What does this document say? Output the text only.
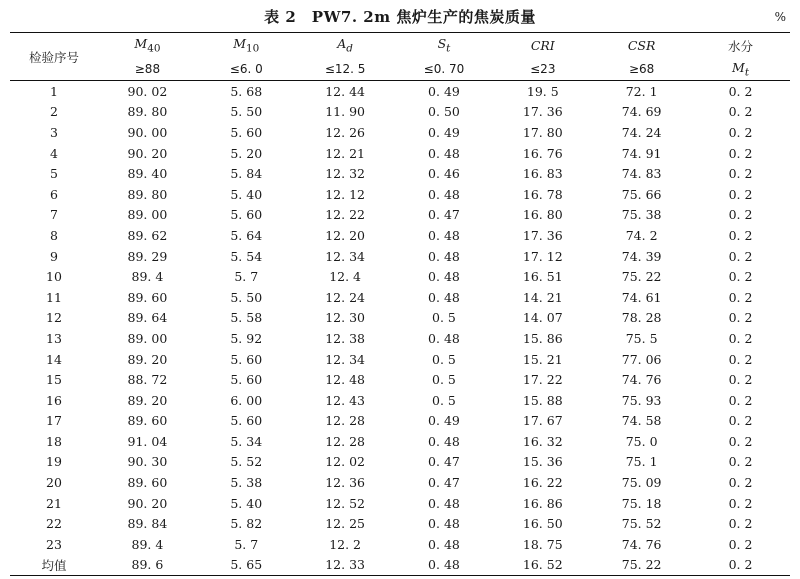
表 2　PW7. 2m 焦炉生产的焦炭质量	%
检验序号	$M_{40}$	$M_{10}$	$A_d$	$S_t$	CRI	CSR	水分
	≥88	≤6. 0	≤12. 5	≤0. 70	≤23	≥68	$M_t$
1	90. 02	5. 68	12. 44	0. 49	19. 5	72. 1	0. 2
2	89. 80	5. 50	11. 90	0. 50	17. 36	74. 69	0. 2
3	90. 00	5. 60	12. 26	0. 49	17. 80	74. 24	0. 2
4	90. 20	5. 20	12. 21	0. 48	16. 76	74. 91	0. 2
5	89. 40	5. 84	12. 32	0. 46	16. 83	74. 83	0. 2
6	89. 80	5. 40	12. 12	0. 48	16. 78	75. 66	0. 2
7	89. 00	5. 60	12. 22	0. 47	16. 80	75. 38	0. 2
8	89. 62	5. 64	12. 20	0. 48	17. 36	74. 2	0. 2
9	89. 29	5. 54	12. 34	0. 48	17. 12	74. 39	0. 2
10	89. 4	5. 7	12. 4	0. 48	16. 51	75. 22	0. 2
11	89. 60	5. 50	12. 24	0. 48	14. 21	74. 61	0. 2
12	89. 64	5. 58	12. 30	0. 5	14. 07	78. 28	0. 2
13	89. 00	5. 92	12. 38	0. 48	15. 86	75. 5	0. 2
14	89. 20	5. 60	12. 34	0. 5	15. 21	77. 06	0. 2
15	88. 72	5. 60	12. 48	0. 5	17. 22	74. 76	0. 2
16	89. 20	6. 00	12. 43	0. 5	15. 88	75. 93	0. 2
17	89. 60	5. 60	12. 28	0. 49	17. 67	74. 58	0. 2
18	91. 04	5. 34	12. 28	0. 48	16. 32	75. 0	0. 2
19	90. 30	5. 52	12. 02	0. 47	15. 36	75. 1	0. 2
20	89. 60	5. 38	12. 36	0. 47	16. 22	75. 09	0. 2
21	90. 20	5. 40	12. 52	0. 48	16. 86	75. 18	0. 2
22	89. 84	5. 82	12. 25	0. 48	16. 50	75. 52	0. 2
23	89. 4	5. 7	12. 2	0. 48	18. 75	74. 76	0. 2
均值	89. 6	5. 65	12. 33	0. 48	16. 52	75. 22	0. 2
